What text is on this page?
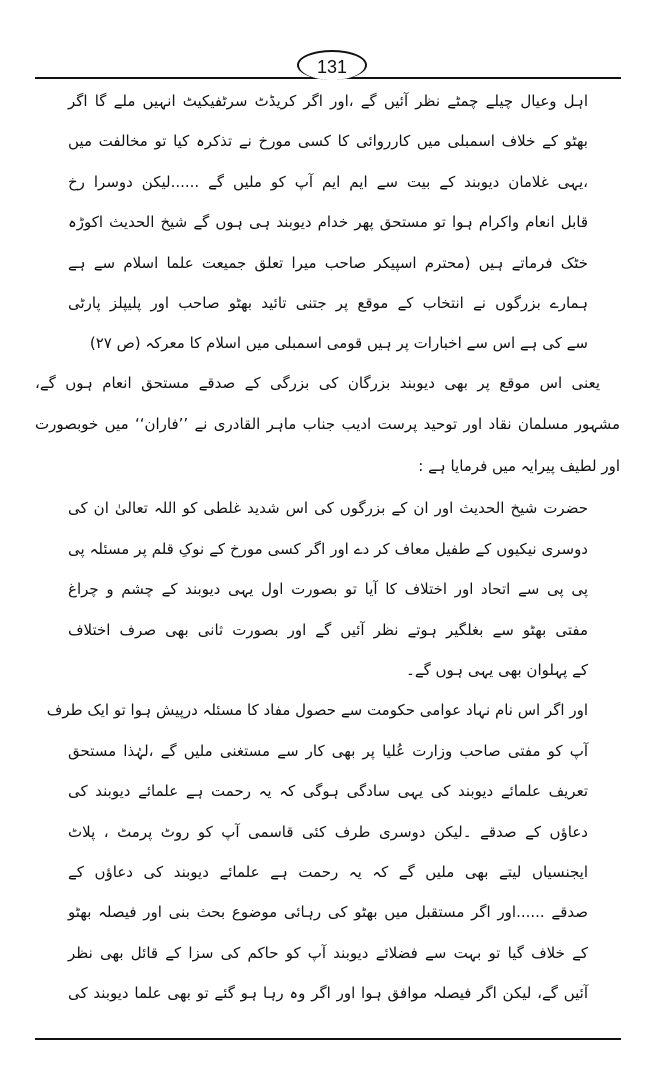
131
اہل وعیال چیلے چمٹے نظر آئیں گے ،اور اگر کریڈٹ سرٹفیکیٹ انہیں ملے گا اگر
بھٹو کے خلاف اسمبلی میں کارروائی کا کسی مورخ نے تذکرہ کیا تو مخالفت میں
،یہی غلامان دیوبند کے بیت سے ایم ایم آپ کو ملیں گے ......لیکن دوسرا رخ
قابل انعام واکرام ہوا تو مستحق پھر خدام دیوبند ہی ہوں گے شیخ الحدیث اکوڑہ
خٹک فرماتے ہیں (محترم اسپیکر صاحب میرا تعلق جمیعت علما اسلام سے ہے
ہمارے بزرگوں نے انتخاب کے موقع پر جتنی تائید بھٹو صاحب اور پلیپلز پارٹی
سے کی ہے اس سے اخبارات پر ہیں قومی اسمبلی میں اسلام کا معرکہ (ص ۲۷)
یعنی اس موقع پر بھی دیوبند بزرگان کی بزرگی کے صدقے مستحق انعام ہوں گے،
مشہور مسلمان نقاد اور توحید پرست ادیب جناب ماہر القادری نے ’’فاران‘‘ میں خوبصورت
اور لطیف پیرایہ میں فرمایا ہے :
حضرت شیخ الحدیث اور ان کے بزرگوں کی اس شدید غلطی کو اللہ تعالیٰ ان کی
دوسری نیکیوں کے طفیل معاف کر دے اور اگر کسی مورخ کے نوکِ قلم پر مسئلہ پی
پی پی سے اتحاد اور اختلاف کا آیا تو بصورت اول یہی دیوبند کے چشم و چراغ
مفتی بھٹو سے بغلگیر ہوتے نظر آئیں گے اور بصورت ثانی بھی صرف اختلاف
کے پہلوان بھی یہی ہوں گے۔
اور اگر اس نام نہاد عوامی حکومت سے حصول مفاد کا مسئلہ درپیش ہوا تو ایک طرف
آپ کو مفتی صاحب وزارت عُلیا پر بھی کار سے مستغنی ملیں گے ،لہٰذا مستحق
تعریف علمائے دیوبند کی یہی سادگی ہوگی کہ یہ رحمت ہے علمائے دیوبند کی
دعاؤں کے صدقے ۔لیکن دوسری طرف کئی قاسمی آپ کو روٹ پرمٹ ، پلاٹ
ایجنسیاں لیتے بھی ملیں گے کہ یہ رحمت ہے علمائے دیوبند کی دعاؤں کے
صدقے ......اور اگر مستقبل میں بھٹو کی رہائی موضوع بحث بنی اور فیصلہ بھٹو
کے خلاف گیا تو بہت سے فضلائے دیوبند آپ کو حاکم کی سزا کے قائل بھی نظر
آئیں گے، لیکن اگر فیصلہ موافق ہوا اور اگر وہ رہا ہو گئے تو بھی علما دیوبند کی
